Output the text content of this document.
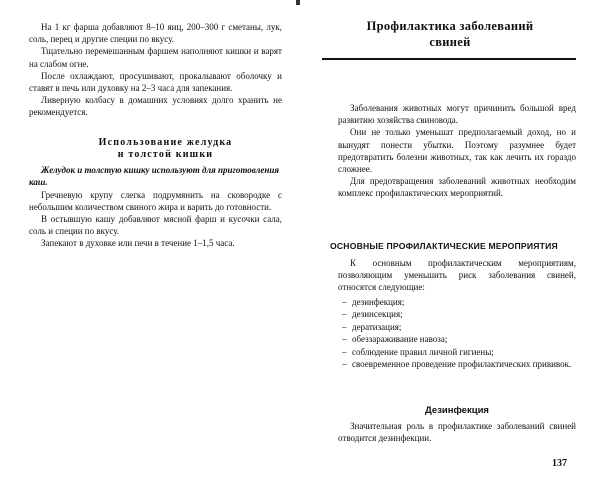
На 1 кг фарша добавляют 8–10 яиц, 200–300 г сметаны, лук, соль, перец и другие специи по вкусу.

Тщательно перемешанным фаршем наполняют кишки и варят на слабом огне.

После охлаждают, просушивают, прокалывают оболочку и ставят в печь или духовку на 2–3 часа для запекания.

Ливерную колбасу в домашних условиях долго хранить не рекомендуется.

Использование желудка
и толстой кишки

Желудок и толстую кишку используют для приготовления каш.

Гречневую крупу слегка подрумянить на сковородке с небольшим количеством свиного жира и варить до готовности.

В остывшую кашу добавляют мясной фарш и кусочки сала, соль и специи по вкусу.

Запекают в духовке или печи в течение 1–1,5 часа.

Профилактика заболеваний
свиней

Заболевания животных могут причинить большой вред развитию хозяйства свиновода.

Они не только уменьшат предполагаемый доход, но и вынудят понести убытки. Поэтому разумнее будет предотвратить болезни животных, так как лечить их гораздо сложнее.

Для предотвращения заболеваний животных необходим комплекс профилактических мероприятий.

ОСНОВНЫЕ ПРОФИЛАКТИЧЕСКИЕ МЕРОПРИЯТИЯ

К основным профилактическим мероприятиям, позволяющим уменьшить риск заболевания свиней, относятся следующие:

– дезинфекция;
– дезинсекция;
– дератизация;
– обеззараживание навоза;
– соблюдение правил личной гигиены;
– своевременное проведение профилактических прививок.
Дезинфекция

Значительная роль в профилактике заболеваний свиней отводится дезинфекции.

137
